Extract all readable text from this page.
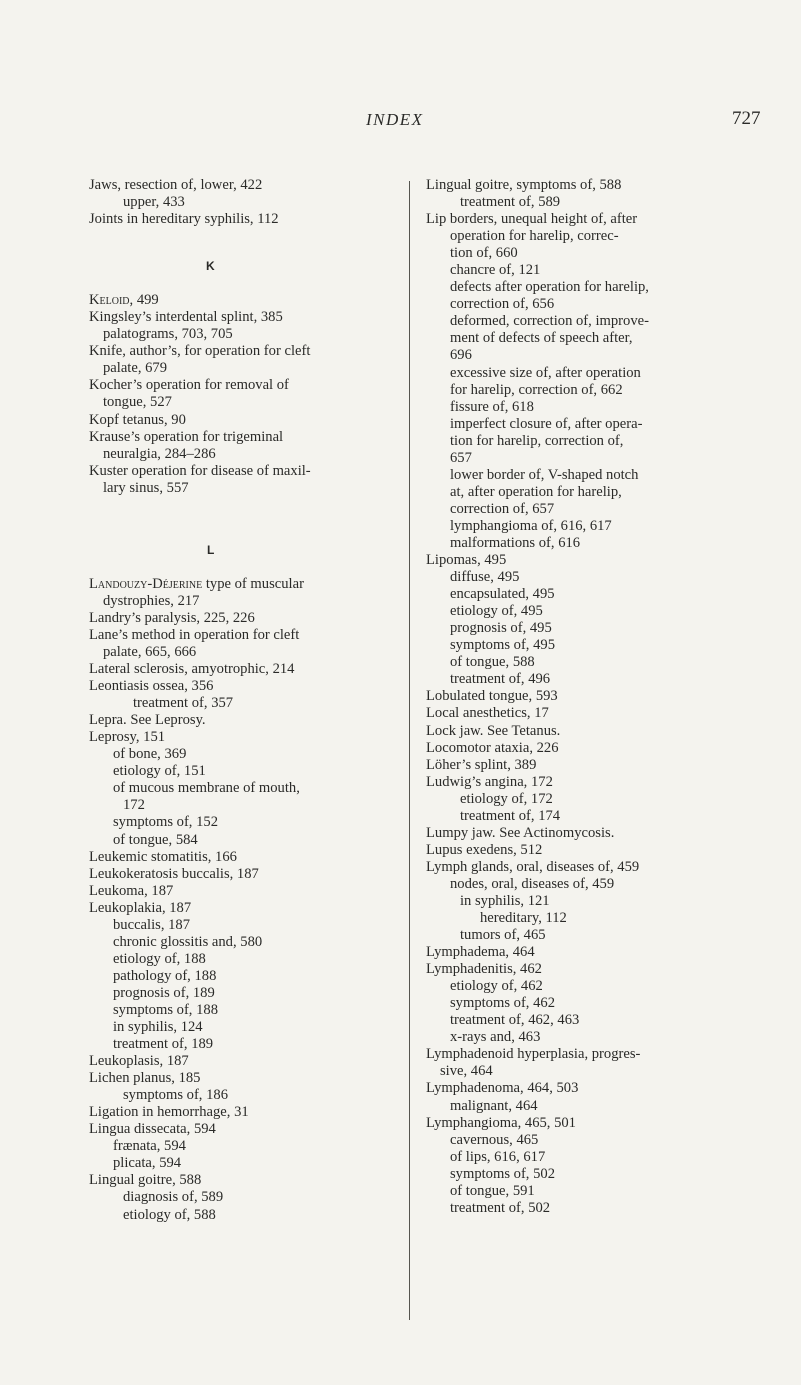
INDEX	727
Jaws, resection of, lower, 422
upper, 433
Joints in hereditary syphilis, 112
K
Keloid, 499
Kingsley’s interdental splint, 385
palatograms, 703, 705
Knife, author’s, for operation for cleft
palate, 679
Kocher’s operation for removal of
tongue, 527
Kopf tetanus, 90
Krause’s operation for trigeminal
neuralgia, 284–286
Kuster operation for disease of maxil-
lary sinus, 557
L
Landouzy-Déjerine type of muscular
dystrophies, 217
Landry’s paralysis, 225, 226
Lane’s method in operation for cleft
palate, 665, 666
Lateral sclerosis, amyotrophic, 214
Leontiasis ossea, 356
treatment of, 357
Lepra. See Leprosy.
Leprosy, 151
of bone, 369
etiology of, 151
of mucous membrane of mouth,
172
symptoms of, 152
of tongue, 584
Leukemic stomatitis, 166
Leukokeratosis buccalis, 187
Leukoma, 187
Leukoplakia, 187
buccalis, 187
chronic glossitis and, 580
etiology of, 188
pathology of, 188
prognosis of, 189
symptoms of, 188
in syphilis, 124
treatment of, 189
Leukoplasis, 187
Lichen planus, 185
symptoms of, 186
Ligation in hemorrhage, 31
Lingua dissecata, 594
frænata, 594
plicata, 594
Lingual goitre, 588
diagnosis of, 589
etiology of, 588
Lingual goitre, symptoms of, 588
treatment of, 589
Lip borders, unequal height of, after
operation for harelip, correc-
tion of, 660
chancre of, 121
defects after operation for harelip,
correction of, 656
deformed, correction of, improve-
ment of defects of speech after,
696
excessive size of, after operation
for harelip, correction of, 662
fissure of, 618
imperfect closure of, after opera-
tion for harelip, correction of,
657
lower border of, V-shaped notch
at, after operation for harelip,
correction of, 657
lymphangioma of, 616, 617
malformations of, 616
Lipomas, 495
diffuse, 495
encapsulated, 495
etiology of, 495
prognosis of, 495
symptoms of, 495
of tongue, 588
treatment of, 496
Lobulated tongue, 593
Local anesthetics, 17
Lock jaw. See Tetanus.
Locomotor ataxia, 226
Löher’s splint, 389
Ludwig’s angina, 172
etiology of, 172
treatment of, 174
Lumpy jaw. See Actinomycosis.
Lupus exedens, 512
Lymph glands, oral, diseases of, 459
nodes, oral, diseases of, 459
in syphilis, 121
hereditary, 112
tumors of, 465
Lymphadema, 464
Lymphadenitis, 462
etiology of, 462
symptoms of, 462
treatment of, 462, 463
x-rays and, 463
Lymphadenoid hyperplasia, progres-
sive, 464
Lymphadenoma, 464, 503
malignant, 464
Lymphangioma, 465, 501
cavernous, 465
of lips, 616, 617
symptoms of, 502
of tongue, 591
treatment of, 502
